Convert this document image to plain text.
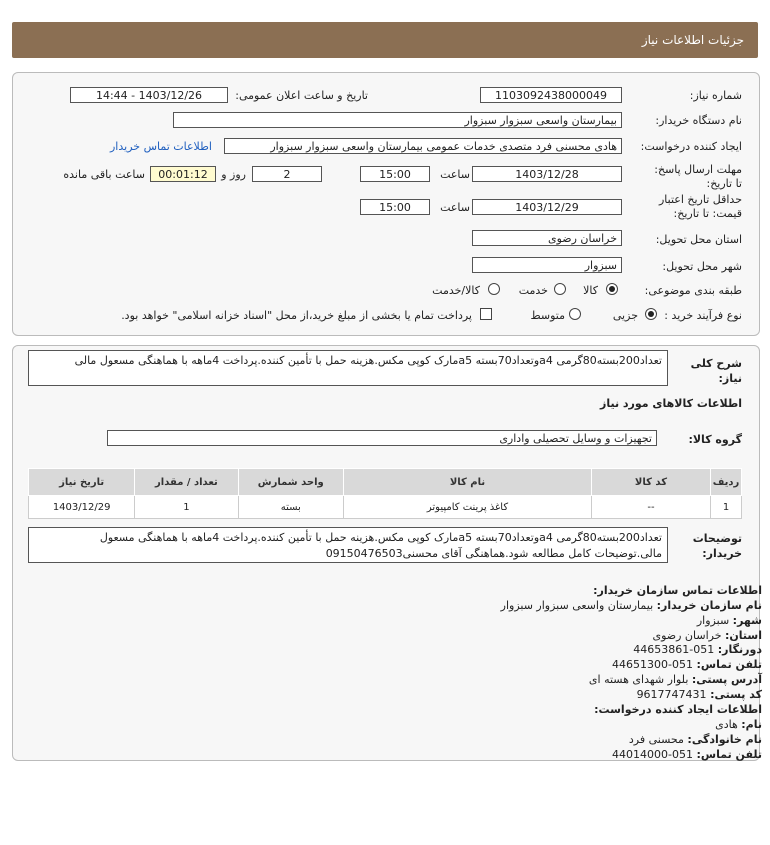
جزئیات اطلاعات نیاز
شماره نیاز:
1103092438000049
تاریخ و ساعت اعلان عمومی:
1403/12/26 - 14:44
نام دستگاه خریدار:
بیمارستان واسعی سبزوار سبزوار
ایجاد کننده درخواست:
هادی محسنی فرد متصدی خدمات عمومی بیمارستان واسعی سبزوار سبزوار
اطلاعات تماس خریدار
مهلت ارسال پاسخ: تا تاریخ:
1403/12/28
ساعت
15:00
2
روز و
00:01:12
ساعت باقی مانده
حداقل تاریخ اعتبار قیمت: تا تاریخ:
1403/12/29
ساعت
15:00
استان محل تحویل:
خراسان رضوی
شهر محل تحویل:
سبزوار
طبقه بندی موضوعی:
کالا
خدمت
کالا/خدمت
نوع فرآیند خرید :
جزیی
متوسط
پرداخت تمام یا بخشی از مبلغ خرید،از محل "اسناد خزانه اسلامی" خواهد بود.
شرح کلی نیاز:
تعداد200بسته80گرمی a4وتعداد70بسته a5مارک کوپی مکس.هزینه حمل با تأمین کننده.پرداخت 4ماهه با هماهنگی مسعول مالی
اطلاعات کالاهای مورد نیاز
گروه کالا:
تجهیزات و وسایل تحصیلی واداری
ردیف	کد کالا	نام کالا	واحد شمارش	تعداد / مقدار	تاریخ نیاز
1	--	کاغذ پرینت کامپیوتر	بسته	1	1403/12/29
توضیحات خریدار:
تعداد200بسته80گرمی a4وتعداد70بسته a5مارک کوپی مکس.هزینه حمل با تأمین کننده.پرداخت 4ماهه با هماهنگی مسعول مالی.توضیحات کامل مطالعه شود.هماهنگی آقای محسنی09150476503
اطلاعات تماس سازمان خریدار:
نام سازمان خریدار: بیمارستان واسعی سبزوار سبزوار
شهر: سبزوار
استان: خراسان رضوی
دورنگار: 051-44653861
تلفن تماس: 051-44651300
آدرس پستی: بلوار شهدای هسته ای
کد پستی: 9617747431
اطلاعات ایجاد کننده درخواست:
نام: هادی
نام خانوادگی: محسنی فرد
تلفن تماس: 051-44014000
